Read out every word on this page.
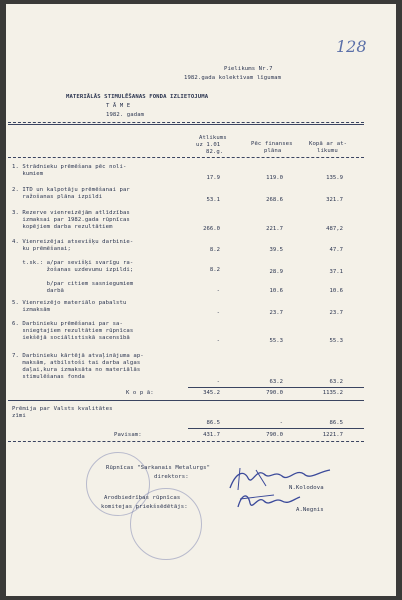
128
Pielikums Nr.7
1982.gada kolektīvam līgumam
MATERIĀLĀS STIMULĒŠANAS FONDA IZLIETOJUMA
T Ā M E
1982. gadam
Atlikums
uz 1.01
82.g.
Pēc finanses
plāna
Kopā ar at-
likumu
1. Strādnieku prēmēšana pēc noli-
kumiem
17.9	119.0	135.9
2. ITD un kalpotāju prēmēšanai par
ražošanas plāna izpildi	53.1	268.6	321.7
3. Rezerve vienreizējām atlīdzības
izmaksai par 1982.gada rūpnīcas
kopējiem darba rezultātiem	266.0	221.7	487,2
4. Vienreizējai atsevišķu darbinie-
ku prēmēšanai;	8.2	39.5	47.7
t.sk.: a/par sevišķi svarīgu ra-
žošanas uzdevumu izpildi;	8.2	28.9	37.1
b/par citiem sasniegumiem
darbā	-	10.6	10.6
5. Vienreizējo materiālo pabalstu
izmaksām	-	23.7	23.7
6. Darbinieku prēmēšanai par sa-
sniegtajiem rezultātiem rūpnīcas
iekšējā sociālistiskā sacensībā	-	55.3	55.3
7. Darbinieku kārtējā atvaļinājuma ap-
maksām, atbilstoši tai darba algas
daļai,kura izmaksāta no materiālās
stimulēšanas fonda
-	63.2	63.2
K o p ā:	345.2	790.0	1135.2
Prēmija par Valsts kvalitātes
zīmi
86.5	-	86.5
Pavisam:	431.7	790.0	1221.7
Rūpnīcas "Sarkanais Metalurgs"
direktors:
N.Kolodova
Arodbiedrības rūpnīcas
komitejas priekšsēdētājs:	A.Negnis
